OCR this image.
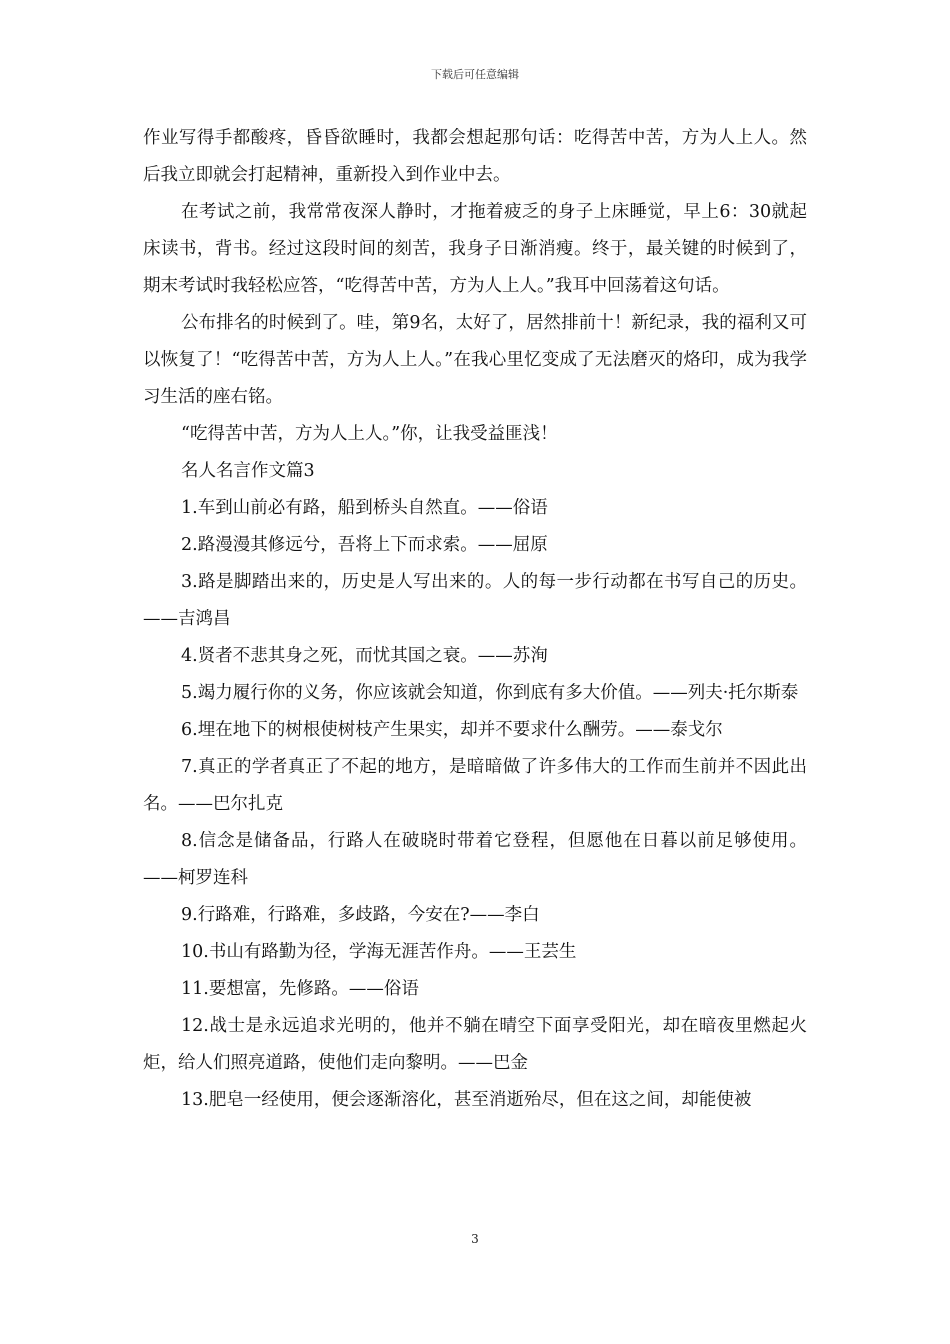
下载后可任意编辑

作业写得手都酸疼，昏昏欲睡时，我都会想起那句话：吃得苦中苦，方为人上人。然后我立即就会打起精神，重新投入到作业中去。

在考试之前，我常常夜深人静时，才拖着疲乏的身子上床睡觉，早上6：30就起床读书，背书。经过这段时间的刻苦，我身子日渐消瘦。终于，最关键的时候到了，期末考试时我轻松应答，“吃得苦中苦，方为人上人。”我耳中回荡着这句话。

公布排名的时候到了。哇，第9名，太好了，居然排前十！新纪录，我的福利又可以恢复了！“吃得苦中苦，方为人上人。”在我心里忆变成了无法磨灭的烙印，成为我学习生活的座右铭。

“吃得苦中苦，方为人上人。”你，让我受益匪浅！

名人名言作文篇3

1.车到山前必有路，船到桥头自然直。——俗语

2.路漫漫其修远兮，吾将上下而求索。——屈原

3.路是脚踏出来的，历史是人写出来的。人的每一步行动都在书写自己的历史。——吉鸿昌

4.贤者不悲其身之死，而忧其国之衰。——苏洵

5.竭力履行你的义务，你应该就会知道，你到底有多大价值。——列夫·托尔斯泰

6.埋在地下的树根使树枝产生果实，却并不要求什么酬劳。——泰戈尔

7.真正的学者真正了不起的地方，是暗暗做了许多伟大的工作而生前并不因此出名。——巴尔扎克

8.信念是储备品，行路人在破晓时带着它登程，但愿他在日暮以前足够使用。——柯罗连科

9.行路难，行路难，多歧路，今安在?——李白

10.书山有路勤为径，学海无涯苦作舟。——王芸生

11.要想富，先修路。——俗语

12.战士是永远追求光明的，他并不躺在晴空下面享受阳光，却在暗夜里燃起火炬，给人们照亮道路，使他们走向黎明。——巴金

13.肥皂一经使用，便会逐渐溶化，甚至消逝殆尽，但在这之间，却能使被

3
